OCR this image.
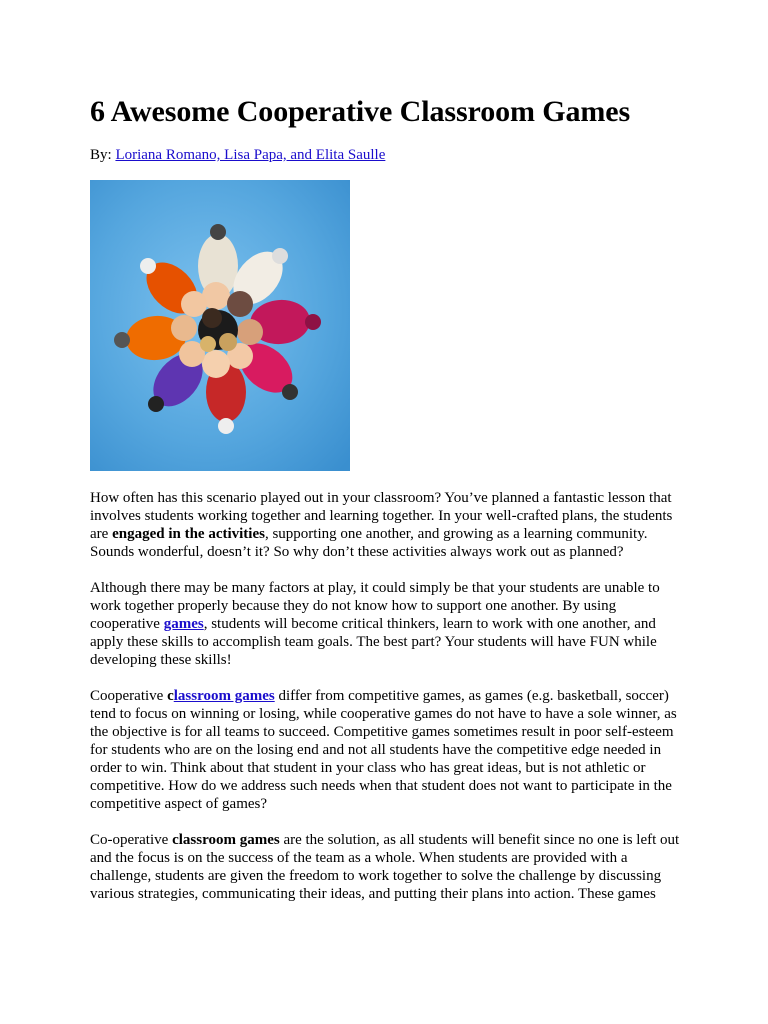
6 Awesome Cooperative Classroom Games
By: Loriana Romano, Lisa Papa, and Elita Saulle

How often has this scenario played out in your classroom? You’ve planned a fantastic lesson that involves students working together and learning together. In your well-crafted plans, the students are engaged in the activities, supporting one another, and growing as a learning community. Sounds wonderful, doesn’t it? So why don’t these activities always work out as planned?

Although there may be many factors at play, it could simply be that your students are unable to work together properly because they do not know how to support one another. By using cooperative games, students will become critical thinkers, learn to work with one another, and apply these skills to accomplish team goals. The best part? Your students will have FUN while developing these skills!

Cooperative classroom games differ from competitive games, as games (e.g. basketball, soccer) tend to focus on winning or losing, while cooperative games do not have to have a sole winner, as the objective is for all teams to succeed. Competitive games sometimes result in poor self-esteem for students who are on the losing end and not all students have the competitive edge needed in order to win. Think about that student in your class who has great ideas, but is not athletic or competitive. How do we address such needs when that student does not want to participate in the competitive aspect of games?

Co-operative classroom games are the solution, as all students will benefit since no one is left out and the focus is on the success of the team as a whole. When students are provided with a challenge, students are given the freedom to work together to solve the challenge by discussing various strategies, communicating their ideas, and putting their plans into action. These games
